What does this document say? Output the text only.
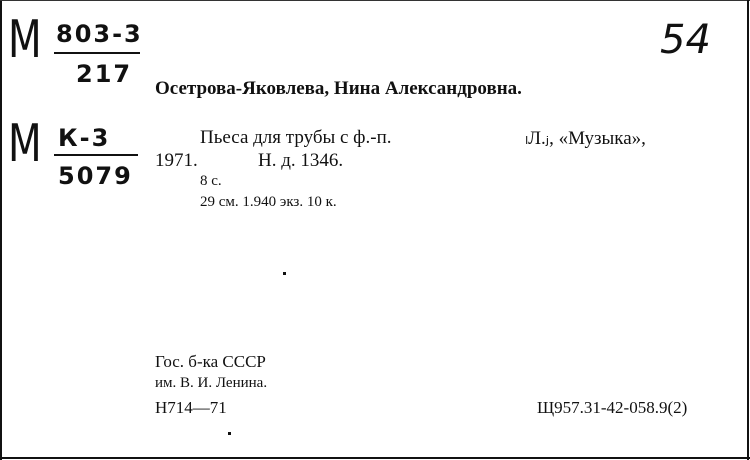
М 803-3
217
М К-3
5079
54
Осетрова-Яковлева, Нина Александровна.
Пьеса для трубы с ф.-п.	ₗЛ.ⱼ, «Музыка»,
1971.	Н. д. 1346.
8 с.
29 см. 1.940 экз. 10 к.
Гос. б-ка СССР
им. В. И. Ленина.
Н714—71	Щ957.31-42-058.9(2)
